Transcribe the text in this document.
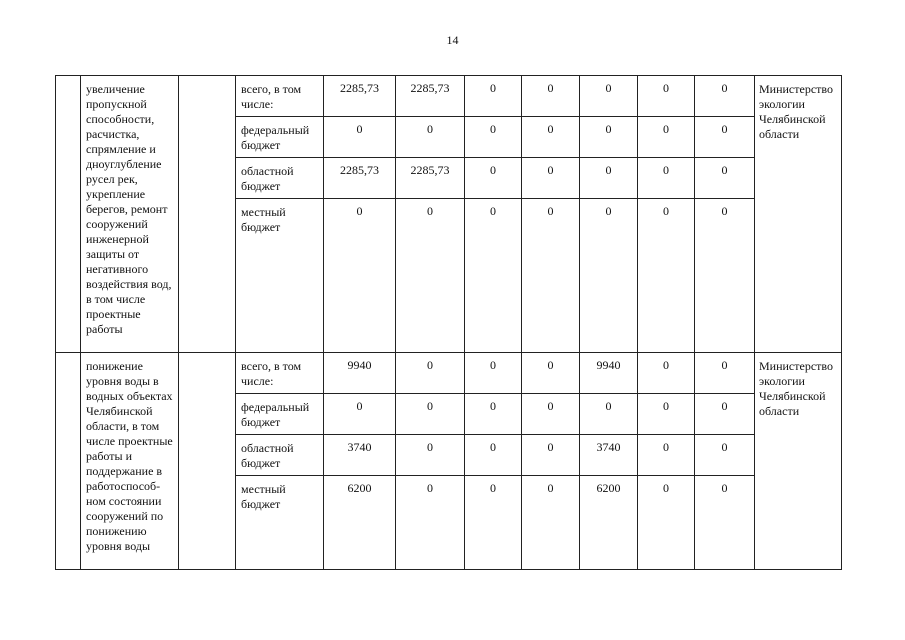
14
	увеличение пропускной способности, расчистка, спрямление и дноуглубление русел рек, укрепление берегов, ремонт сооружений инженерной защиты от негативного воздействия вод, в том числе проектные работы		всего, в том числе:	2285,73	2285,73	0	0	0	0	0	Министерство экологии Челябинской области
			федеральный бюджет	0	0	0	0	0	0	0	
			областной бюджет	2285,73	2285,73	0	0	0	0	0	
			местный бюджет	0	0	0	0	0	0	0	
	понижение уровня воды в водных объектах Челябинской области, в том числе проектные работы и поддержание в работоспособ-ном состоянии сооружений по понижению уровня воды		всего, в том числе:	9940	0	0	0	9940	0	0	Министерство экологии Челябинской области
			федеральный бюджет	0	0	0	0	0	0	0	
			областной бюджет	3740	0	0	0	3740	0	0	
			местный бюджет	6200	0	0	0	6200	0	0	
